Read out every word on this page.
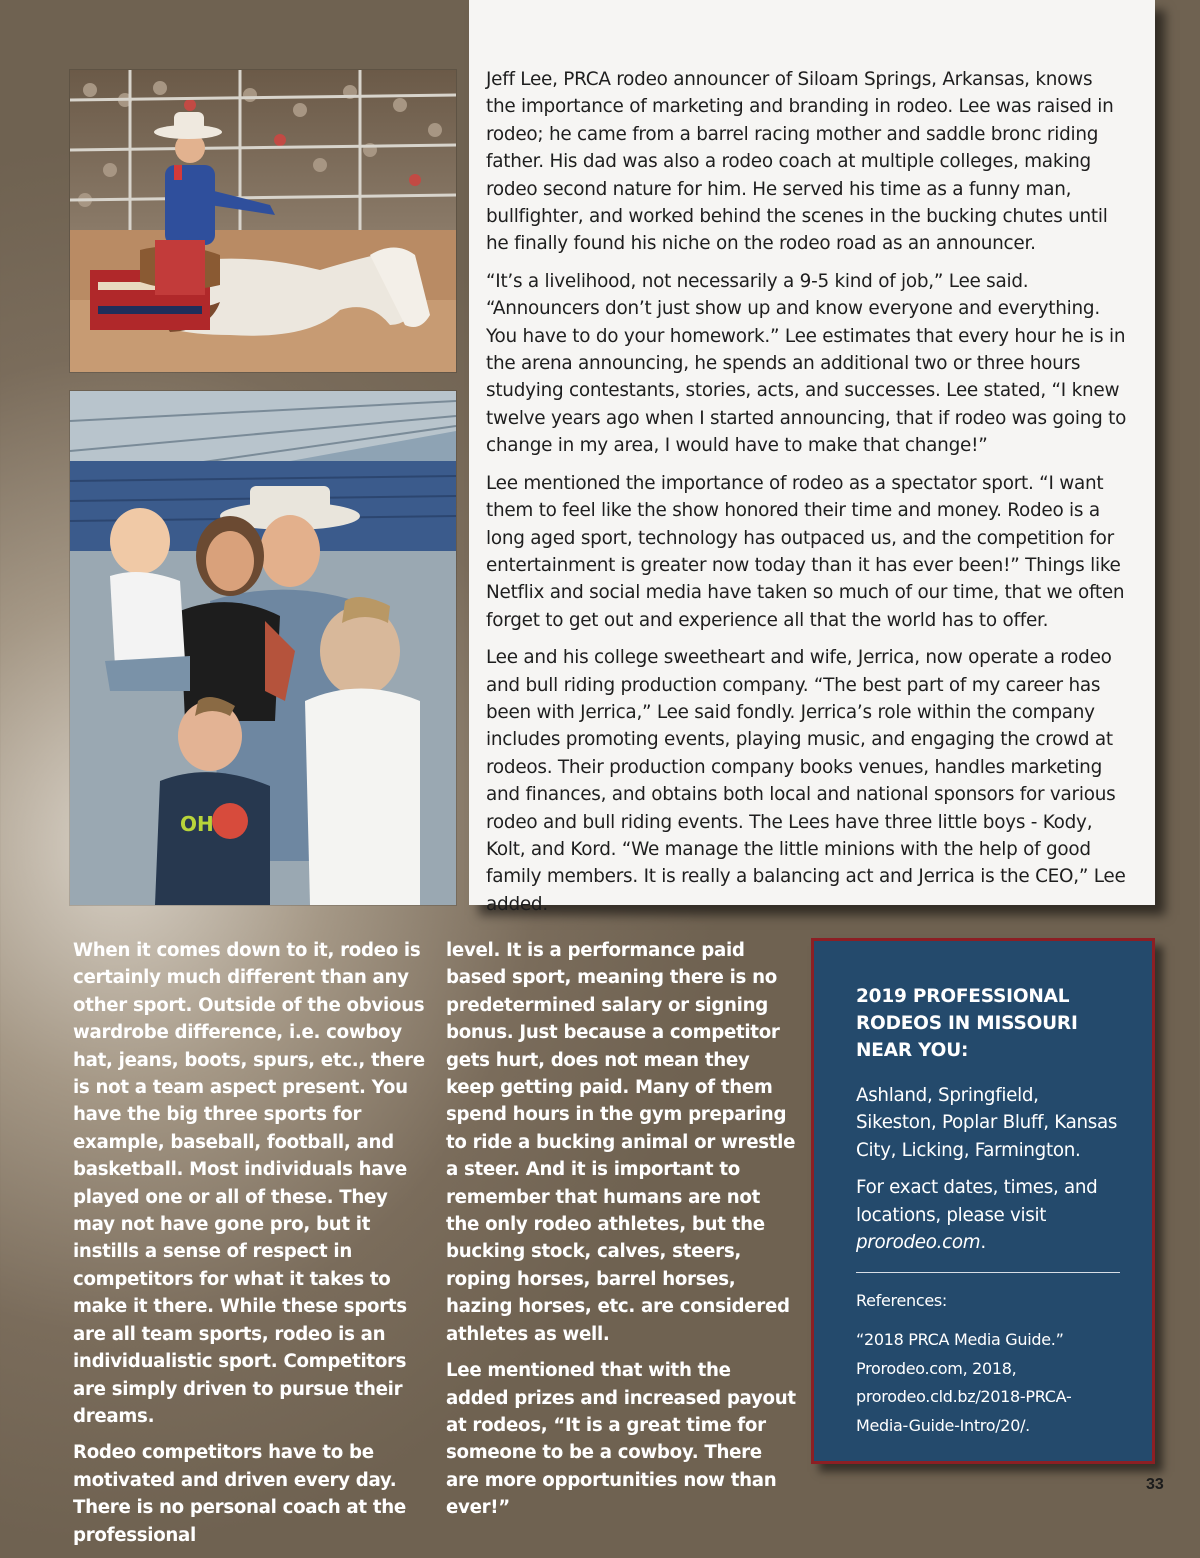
OH

Jeff Lee, PRCA rodeo announcer of Siloam Springs, Arkansas, knows the importance of marketing and branding in rodeo. Lee was raised in rodeo; he came from a barrel racing mother and saddle bronc riding father. His dad was also a rodeo coach at multiple colleges, making rodeo second nature for him. He served his time as a funny man, bullfighter, and worked behind the scenes in the bucking chutes until he finally found his niche on the rodeo road as an announcer.

“It’s a livelihood, not necessarily a 9-5 kind of job,” Lee said. “Announcers don’t just show up and know everyone and everything. You have to do your homework.” Lee estimates that every hour he is in the arena announcing, he spends an additional two or three hours studying contestants, stories, acts, and successes. Lee stated, “I knew twelve years ago when I started announcing, that if rodeo was going to change in my area, I would have to make that change!”

Lee mentioned the importance of rodeo as a spectator sport. “I want them to feel like the show honored their time and money. Rodeo is a long aged sport, technology has outpaced us, and the competition for entertainment is greater now today than it has ever been!” Things like Netflix and social media have taken so much of our time, that we often forget to get out and experience all that the world has to offer.

Lee and his college sweetheart and wife, Jerrica, now operate a rodeo and bull riding production company. “The best part of my career has been with Jerrica,” Lee said fondly. Jerrica’s role within the company includes promoting events, playing music, and engaging the crowd at rodeos. Their production company books venues, handles marketing and finances, and obtains both local and national sponsors for various rodeo and bull riding events. The Lees have three little boys - Kody, Kolt, and Kord. “We manage the little minions with the help of good family members. It is really a balancing act and Jerrica is the CEO,” Lee added.

When it comes down to it, rodeo is certainly much different than any other sport. Outside of the obvious wardrobe difference, i.e. cowboy hat, jeans, boots, spurs, etc., there is not a team aspect present. You have the big three sports for example, baseball, football, and basketball. Most individuals have played one or all of these. They may not have gone pro, but it instills a sense of respect in competitors for what it takes to make it there. While these sports are all team sports, rodeo is an individualistic sport. Competitors are simply driven to pursue their dreams.

Rodeo competitors have to be motivated and driven every day. There is no personal coach at the professional

level. It is a performance paid based sport, meaning there is no predetermined salary or signing bonus. Just because a competitor gets hurt, does not mean they keep getting paid. Many of them spend hours in the gym preparing to ride a bucking animal or wrestle a steer. And it is important to remember that humans are not the only rodeo athletes, but the bucking stock, calves, steers, roping horses, barrel horses, hazing horses, etc. are considered athletes as well.

Lee mentioned that with the added prizes and increased payout at rodeos, “It is a great time for someone to be a cowboy. There are more opportunities now than ever!”

2019 PROFESSIONAL RODEOS IN MISSOURI NEAR YOU:

Ashland, Springfield, Sikeston, Poplar Bluff, Kansas City, Licking, Farmington.

For exact dates, times, and locations, please visit prorodeo.com.

References:

“2018 PRCA Media Guide.” Prorodeo.com, 2018, prorodeo.cld.bz/2018-PRCA-Media-Guide-Intro/20/.

33
